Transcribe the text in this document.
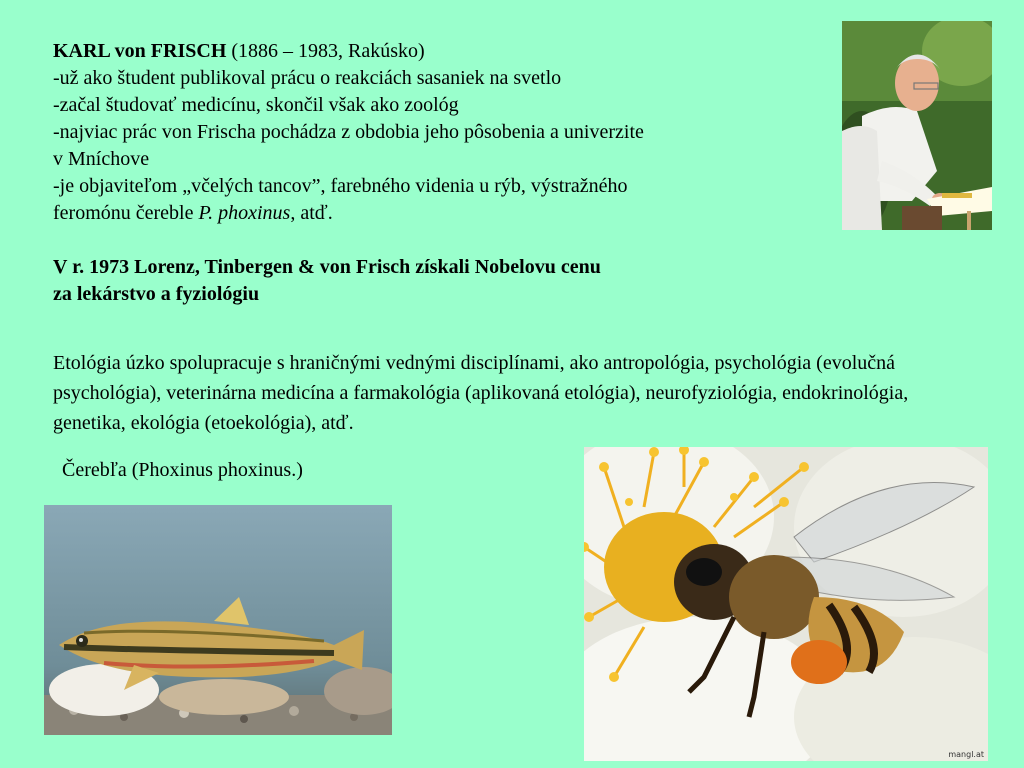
KARL von FRISCH (1886 – 1983, Rakúsko)
-už ako študent publikoval prácu o reakciách sasaniek na svetlo
-začal študovať medicínu, skončil však ako zoológ
-najviac prác von Frischa pochádza z obdobia jeho pôsobenia a univerzite
v Mníchove
-je objaviteľom „včelých tancov”, farebného videnia u rýb, výstražného
feromónu čereble P. phoxinus, atď.
V r. 1973 Lorenz, Tinbergen & von Frisch získali Nobelovu cenu
za lekárstvo a fyziológiu
Etológia úzko spolupracuje s hraničnými vednými disciplínami, ako antropológia, psychológia (evolučná psychológia), veterinárna medicína a farmakológia (aplikovaná etológia), neurofyziológia, endokrinológia, genetika, ekológia (etoekológia), atď.
Čerebľa (Phoxinus phoxinus.)
mangl.at
